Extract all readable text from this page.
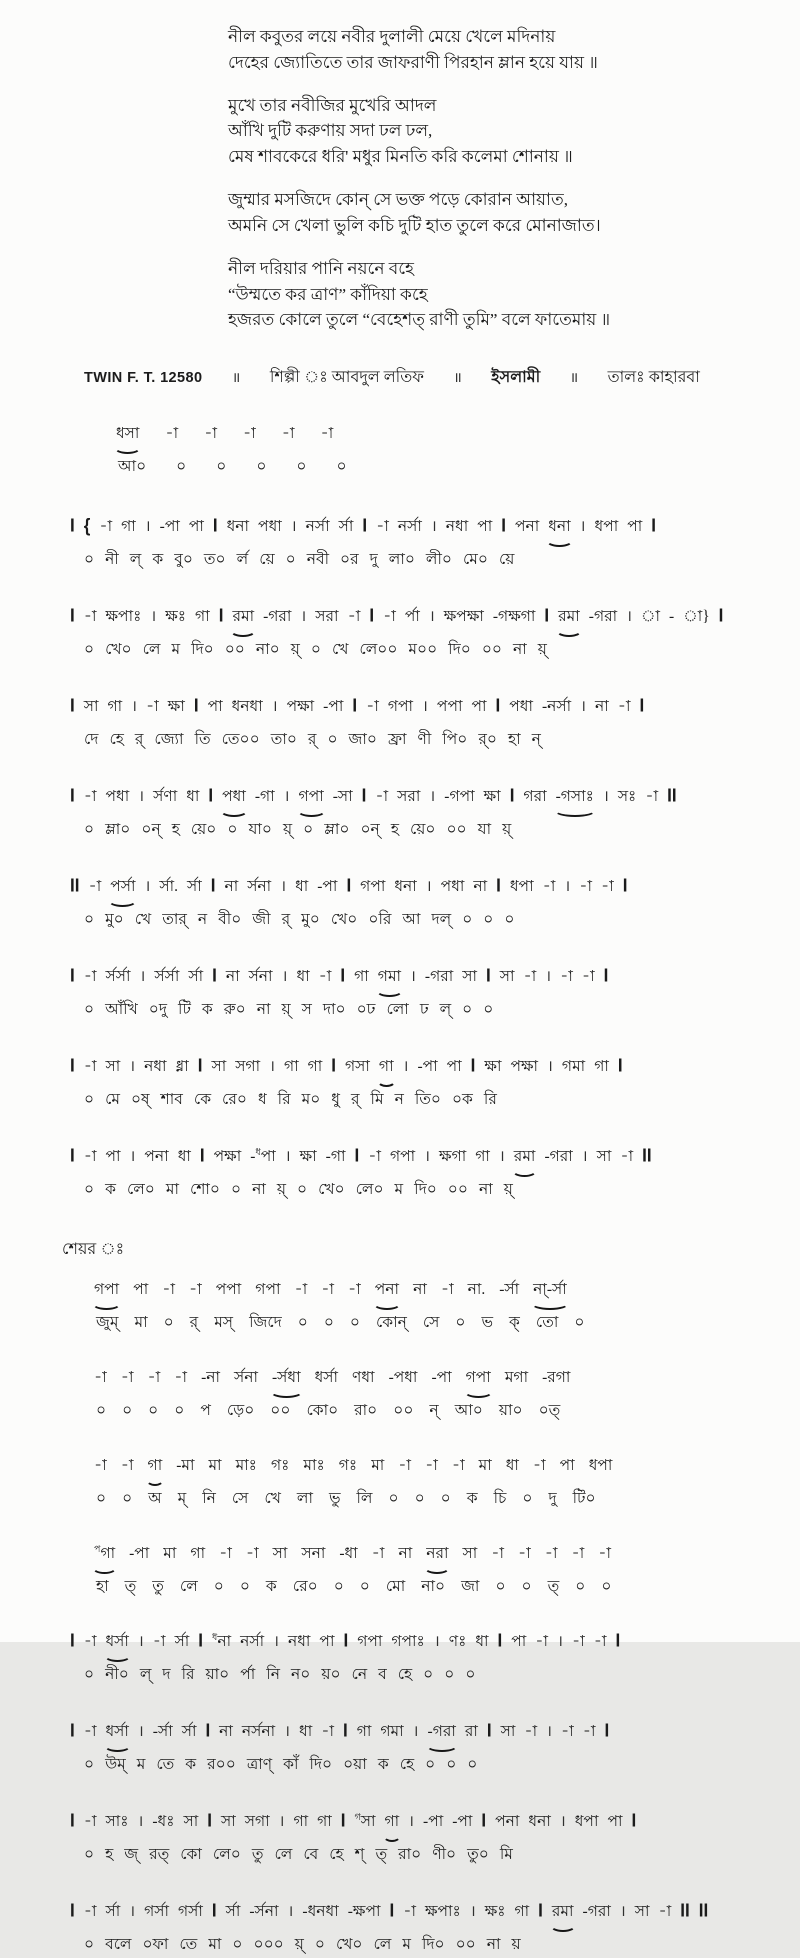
নীল কবুতর লয়ে নবীর দুলালী মেয়ে খেলে মদিনায়
দেহের জ্যোতিতে তার জাফরাণী পিরহান ম্লান হয়ে যায় ॥
মুখে তার নবীজির মুখেরি আদল
আঁখি দুটি করুণায় সদা ঢল ঢল,
মেষ শাবকেরে ধরি' মধুর মিনতি করি কলেমা শোনায় ॥
জুম্মার মসজিদে কোন্ সে ভক্ত পড়ে কোরান আয়াত,
অমনি সে খেলা ভুলি কচি দুটি হাত তুলে করে মোনাজাত।
নীল দরিয়ার পানি নয়নে বহে
“উম্মতে কর ত্রাণ” কাঁদিয়া কহে
হজরত কোলে তুলে “বেহেশত্ রাণী তুমি” বলে ফাতেমায় ॥
TWIN F. T. 12580 ॥ শিল্পী ঃ আবদুল লতিফ ॥ ইসলামী ॥ তালঃ কাহারবা
ধসা -া -া -া -া -া
আ০ ০ ০ ০ ০ ০
I { -া গা । -পা পা I ধনা পধা । নর্সা র্সা I -া নর্সা । নধা পা I পনা ধনা । ধপা পা I
০ নী ল্ ক বু০ ত০ র্ল য়ে ০ নবী ০র দু লা০ লী০ মে০ য়ে
I -া ক্ষপাঃ । ক্ষঃ গা I রমা -গরা । সরা -া I -া র্পা । ক্ষপক্ষা -গক্ষগা I রমা -গরা । া - া} I
০ খে০ লে ম দি০ ০০ না০ য়্ ০ খে লে০০ ম০০ দি০ ০০ না য়্
I সা গা । -া ক্ষা I পা ধনধা । পক্ষা -পা I -া গপা । পপা পা I পধা -নর্সা । না -া I
দে হে র্ জ্যো তি তে০০ তা০ র্ ০ জা০ ফ্রা ণী পি০ র্০ হা ন্
I -া পধা । র্সণা ধা I পধা -গা । গপা -সা I -া সরা । -গপা ক্ষা I গরা -গসাঃ । সঃ -া II
০ ম্লা০ ০ন্ হ য়ে০ ০ যা০ য়্ ০ ম্লা০ ০ন্ হ য়ে০ ০০ যা য়্
II -া পর্সা । র্সা. র্সা I না র্সনা । ধা -পা I গপা ধনা । পধা না I ধপা -া । -া -া I
০ মু০ খে তার্ ন বী০ জী র্ মু০ খে০ ০রি আ দল্ ০ ০ ০
I -া র্সর্সা । র্সর্সা র্সা I না র্সনা । ধা -া I গা গমা । -গরা সা I সা -া । -া -া I
০ আঁখি ০দু টি ক রু০ না য়্ স দা০ ০ঢ লো ঢ ল্ ০ ০
I -া সা । নধা ধ্না I সা সগা । গা গা I গসা গা । -পা পা I ক্ষা পক্ষা । গমা গা I
০ মে ০ষ্ শাব কে রে০ ধ রি ম০ ধু র্ মি ন তি০ ০ক রি
I -া পা । পনা ধা I পক্ষা -$^ধ$পা । ক্ষা -গা I -া গপা । ক্ষগা গা । রমা -গরা । সা -া II
০ ক লে০ মা শো০ ০ না য়্ ০ খে০ লে০ ম দি০ ০০ না য়্
শেয়র ঃ
গপা পা -া -া পপা গপা -া -া -া পনা না -া না. -র্সা না্-র্সা
জুম্ মা ০ র্ মস্ জিদে ০ ০ ০ কোন্ সে ০ ভ ক্ তো ০
-া -া -া -া -না র্সনা -র্সধা ধর্সা ণধা -পধা -পা গপা মগা -রগা
০ ০ ০ ০ প ড়ে০ ০০ কো০ রা০ ০০ ন্ আ০ য়া০ ০ত্
-া -া গা -মা মা মাঃ গঃ মাঃ গঃ মা -া -া -া মা ধা -া পা ধপা
০ ০ অ ম্ নি সে খে লা ভু লি ০ ০ ০ ক চি ০ দু টি০
$^প$গা -পা মা গা -া -া সা সনা -ধা -া না নরা সা -া -া -া -া -া
হা ত্ তু লে ০ ০ ক রে০ ০ ০ মো না০ জা ০ ০ ত্ ০ ০
I -া ধর্সা । -া র্সা I $^ধ$না নর্সা । নধা পা I গপা গপাঃ । ণঃ ধা I পা -া । -া -া I
০ নী০ ল্ দ রি য়া০ র্পা নি ন০ য়০ নে ব হে ০ ০ ০
I -া ধর্সা । -র্সা র্সা I না নর্সনা । ধা -া I গা গমা । -গরা রা I সা -া । -া -া I
০ উম্ ম তে ক র০০ ত্রাণ্ কাঁ দি০ ০য়া ক হে ০ ০ ০
I -া সাঃ । -ধঃ সা I সা সগা । গা গা I $^গ$সা গা । -পা -পা I পনা ধনা । ধপা পা I
০ হ জ্ রত্ কো লে০ তু লে বে হে শ্ ত্ রা০ ণী০ তু০ মি
I -া র্সা । গর্সা গর্সা I র্সা -র্সনা । -ধনধা -ক্ষপা I -া ক্ষপাঃ । ক্ষঃ গা I রমা -গরা । সা -া II II
০ বলে ০ফা তে মা ০ ০০০ য়্ ০ খে০ লে ম দি০ ০০ না য়
